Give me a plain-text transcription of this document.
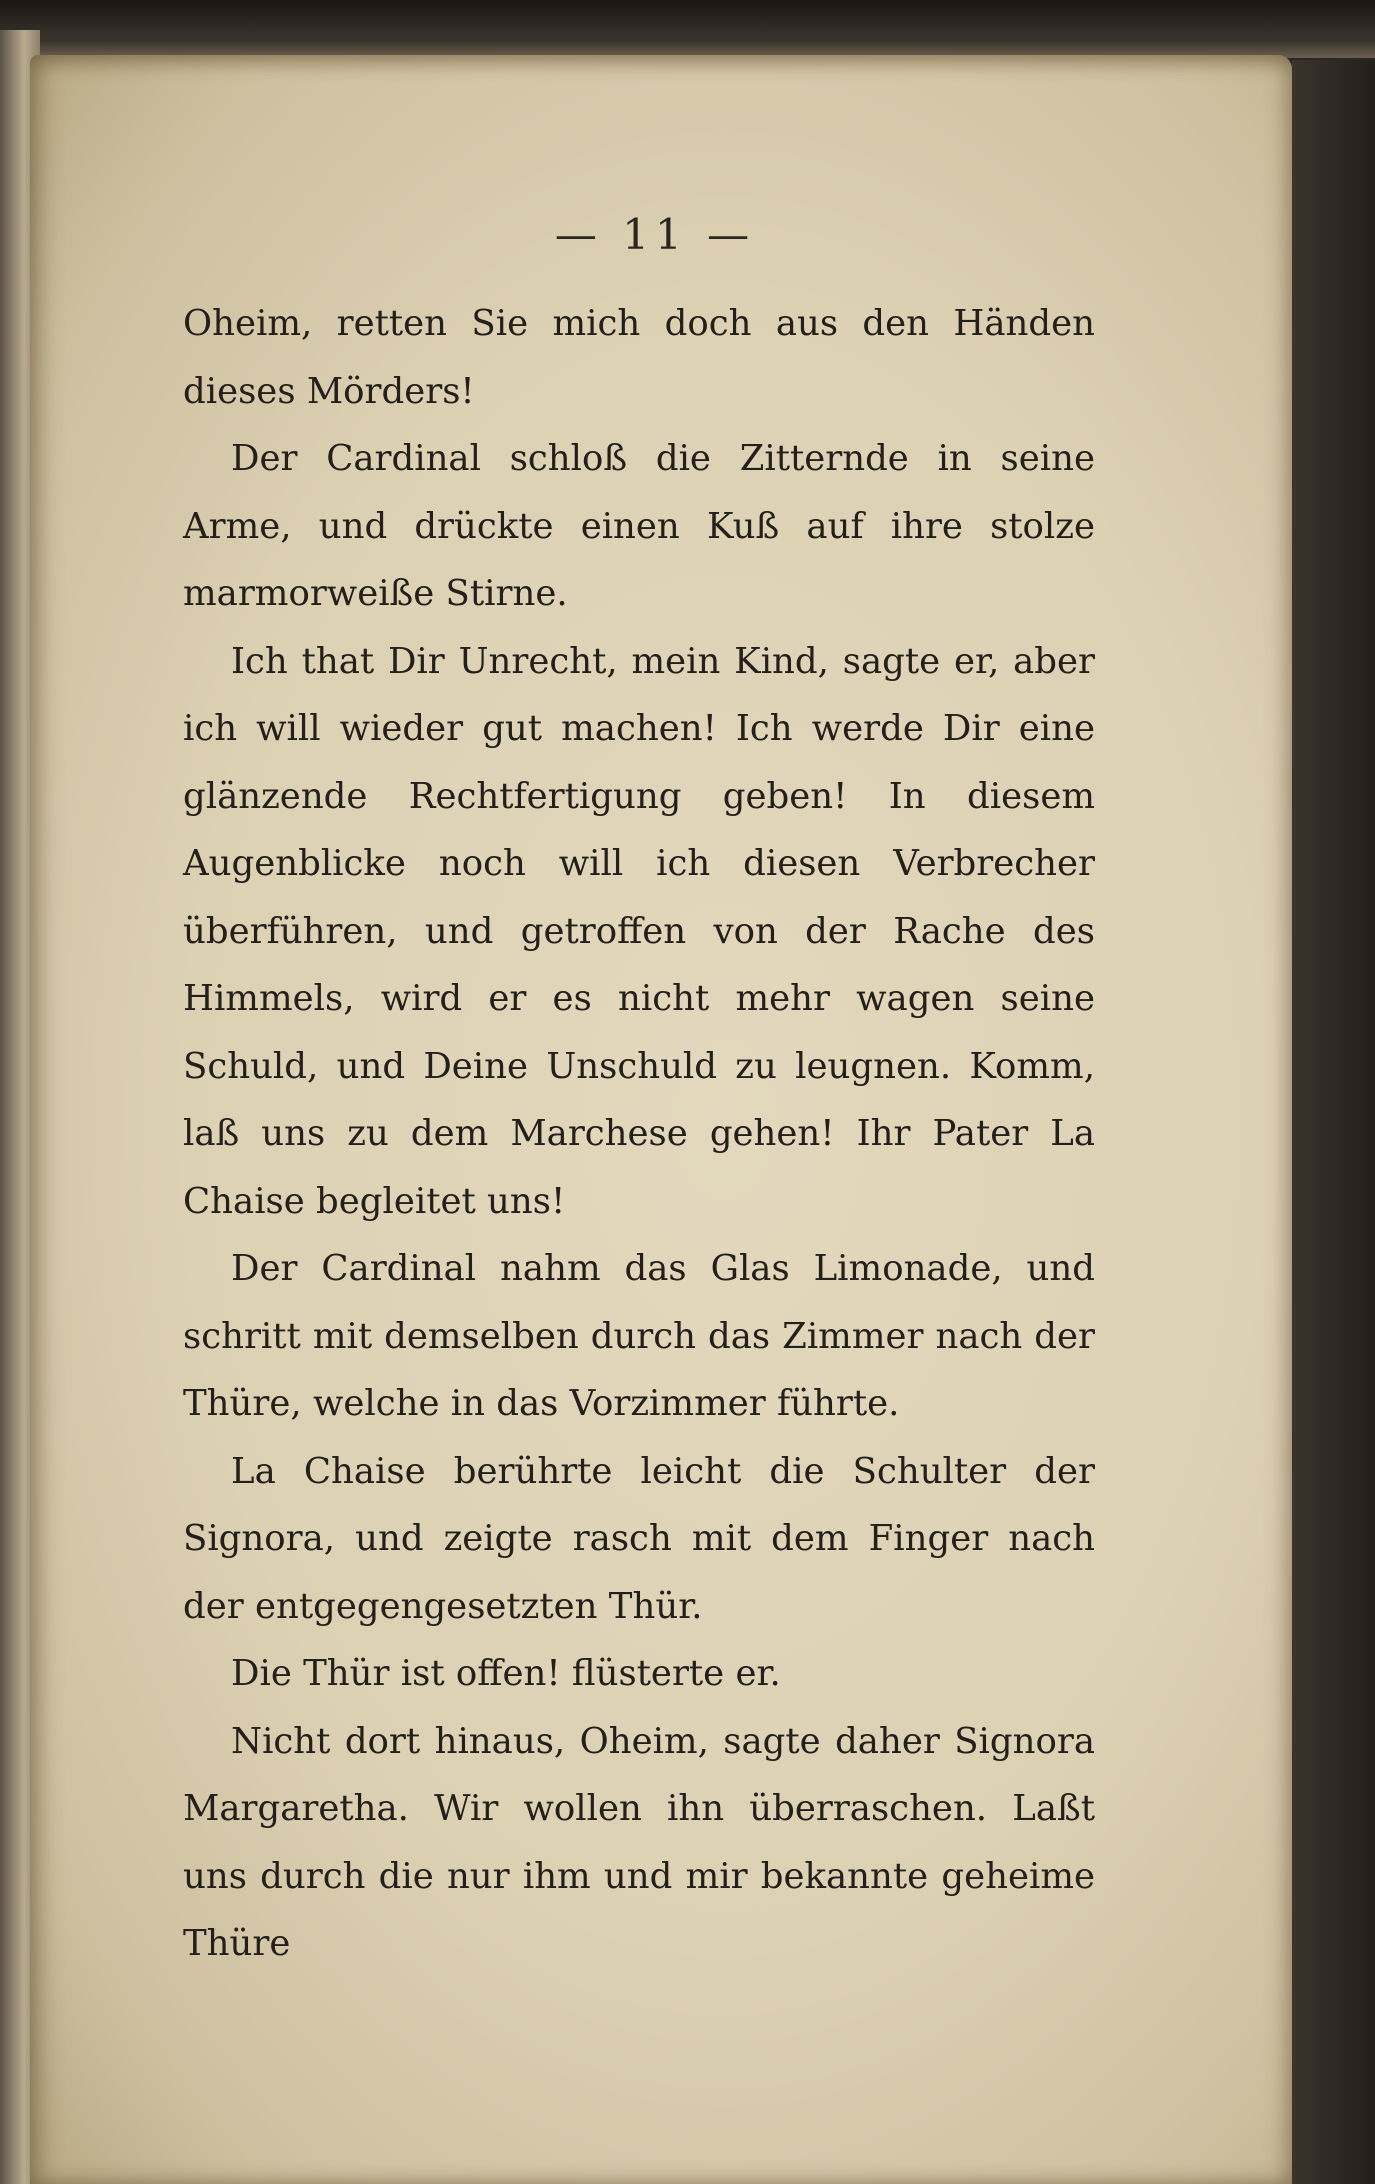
— 11 —

Oheim, retten Sie mich doch aus den Händen dieses Mörders!

Der Cardinal schloß die Zitternde in seine Arme, und drückte einen Kuß auf ihre stolze marmorweiße Stirne.

Ich that Dir Unrecht, mein Kind, sagte er, aber ich will wieder gut machen! Ich werde Dir eine glänzende Rechtfertigung geben! In diesem Augenblicke noch will ich diesen Verbrecher überführen, und getroffen von der Rache des Himmels, wird er es nicht mehr wagen seine Schuld, und Deine Unschuld zu leugnen. Komm, laß uns zu dem Marchese gehen! Ihr Pater La Chaise begleitet uns!

Der Cardinal nahm das Glas Limonade, und schritt mit demselben durch das Zimmer nach der Thüre, welche in das Vorzimmer führte.

La Chaise berührte leicht die Schulter der Signora, und zeigte rasch mit dem Finger nach der entgegengesetzten Thür.

Die Thür ist offen! flüsterte er.

Nicht dort hinaus, Oheim, sagte daher Signora Margaretha. Wir wollen ihn überraschen. Laßt uns durch die nur ihm und mir bekannte geheime Thüre
